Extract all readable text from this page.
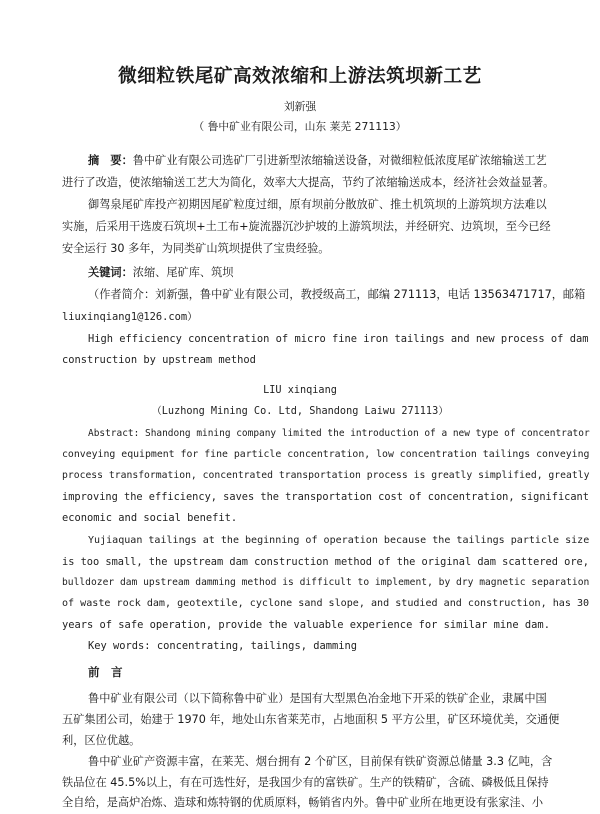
微细粒铁尾矿高效浓缩和上游法筑坝新工艺
刘新强
（ 鲁中矿业有限公司，山东 莱芜 271113）
摘　要：鲁中矿业有限公司选矿厂引进新型浓缩输送设备，对微细粒低浓度尾矿浓缩输送工艺
进行了改造，使浓缩输送工艺大为简化，效率大大提高，节约了浓缩输送成本，经济社会效益显著。
御驾泉尾矿库投产初期因尾矿粒度过细，原有坝前分散放矿、推土机筑坝的上游筑坝方法难以
实施，后采用干选废石筑坝+土工布+旋流器沉沙护坡的上游筑坝法，并经研究、边筑坝，至今已经
安全运行 30 多年，为同类矿山筑坝提供了宝贵经验。
关键词：浓缩、尾矿库、筑坝
（作者简介：刘新强，鲁中矿业有限公司，教授级高工，邮编 271113，电话 13563471717，邮箱
liuxinqiang1@126.com）
High efficiency concentration of micro fine iron tailings and new process of dam
construction by upstream method
LIU xinqiang
（Luzhong Mining Co. Ltd, Shandong Laiwu 271113）
Abstract: Shandong mining company limited the introduction of a new type of concentrator
conveying equipment for fine particle concentration, low concentration tailings conveying
process transformation, concentrated transportation process is greatly simplified, greatly
improving the efficiency, saves the transportation cost of concentration, significant
economic and social benefit.
Yujiaquan tailings at the beginning of operation because the tailings particle size
is too small, the upstream dam construction method of the original dam scattered ore,
bulldozer dam upstream damming method is difficult to implement, by dry magnetic separation
of waste rock dam, geotextile, cyclone sand slope, and studied and construction, has 30
years of safe operation, provide the valuable experience for similar mine dam.
Key words: concentrating, tailings, damming
前　言
鲁中矿业有限公司（以下简称鲁中矿业）是国有大型黑色冶金地下开采的铁矿企业，隶属中国
五矿集团公司，始建于 1970 年，地处山东省莱芜市，占地面积 5 平方公里，矿区环境优美，交通便
利，区位优越。
鲁中矿业矿产资源丰富，在莱芜、烟台拥有 2 个矿区，目前保有铁矿资源总储量 3.3 亿吨，含
铁品位在 45.5%以上，有在可选性好，是我国少有的富铁矿。生产的铁精矿，含硫、磷极低且保持
全自给，是高炉冶炼、造球和炼特钢的优质原料，畅销省内外。鲁中矿业所在地更设有张家洼、小
